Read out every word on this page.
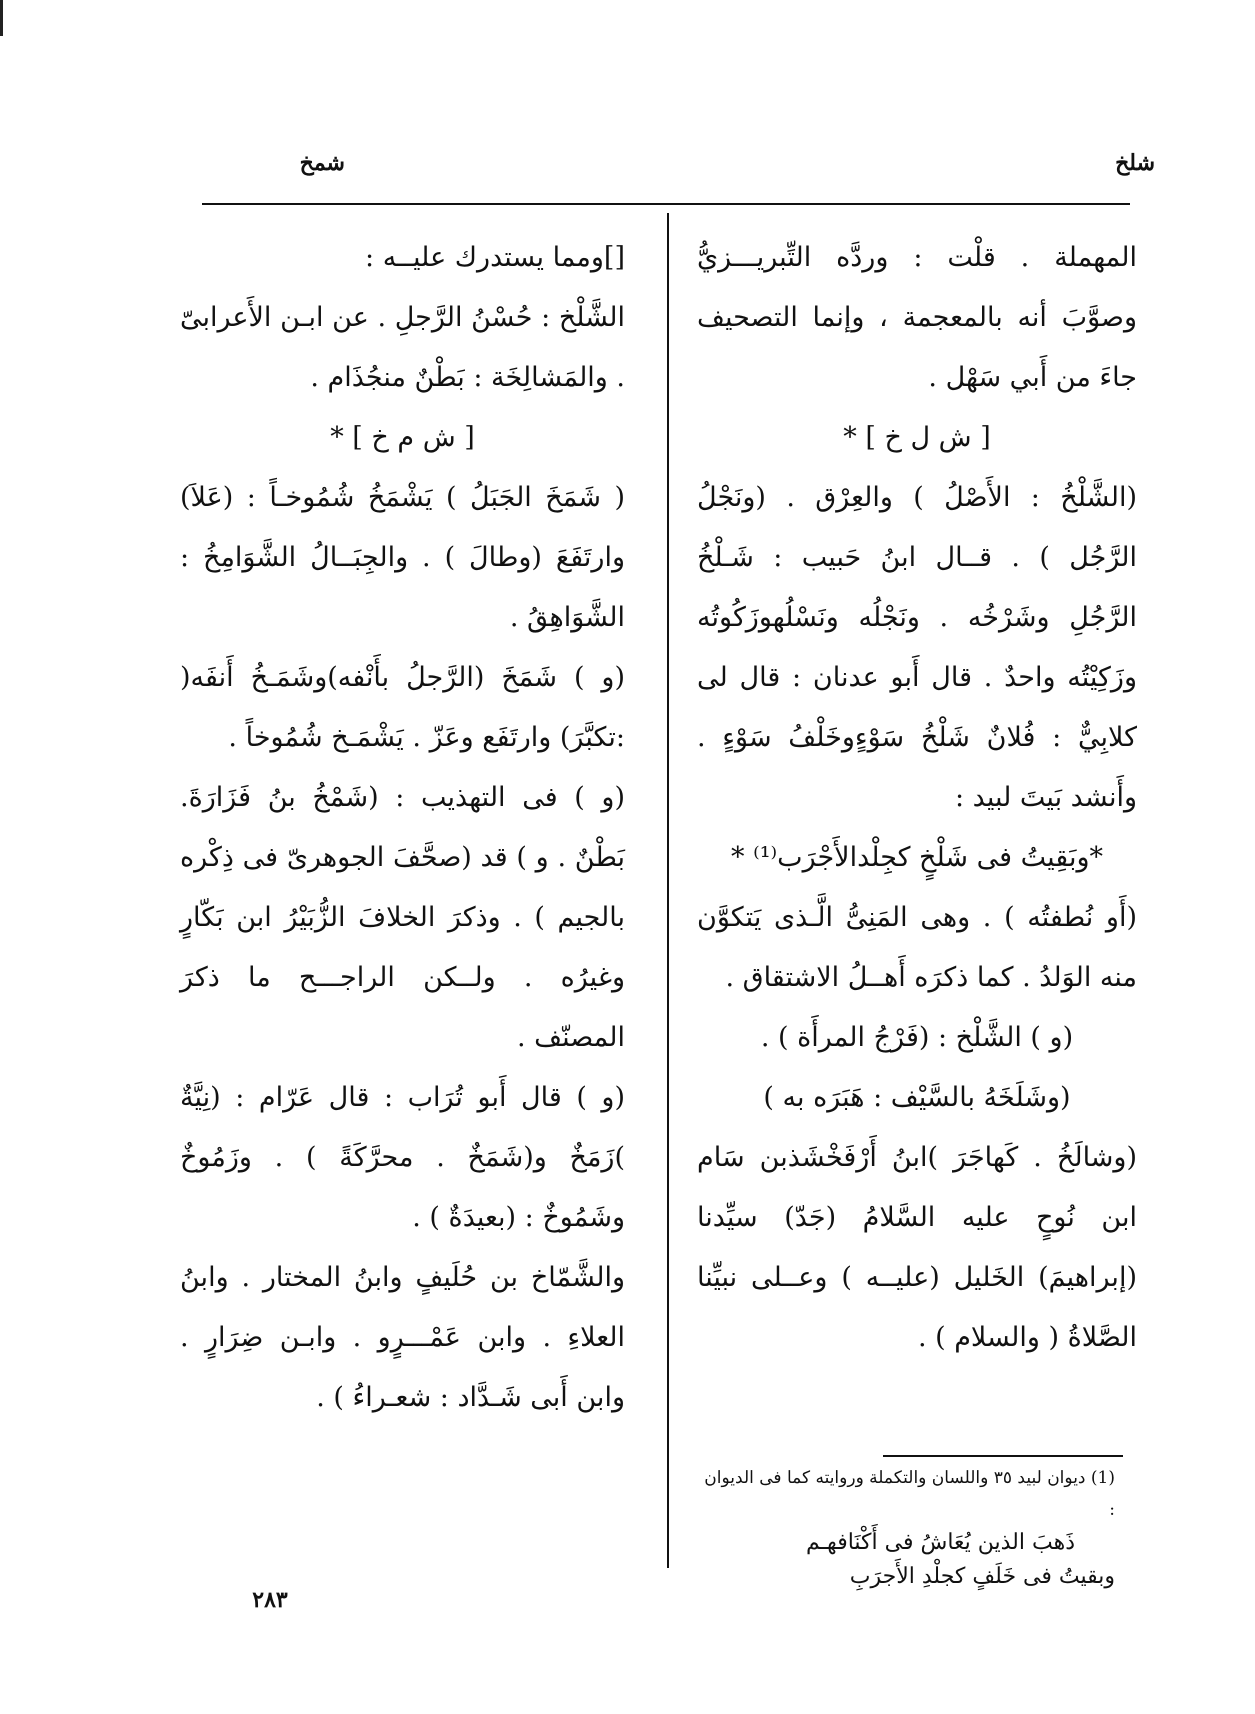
شلخ
شمخ

المهملة . قلْت : وردَّه التِّبريـــزيُّ وصوَّبَ أنه بالمعجمة ، وإنما التصحيف جاءَ من أَبي سَهْل .

[ ش ل خ ] *

(الشَّلْخُ : الأَصْلُ ) والعِرْق . (ونَجْلُ الرَّجُل ) . قــال ابنُ حَبيب : شَـلْخُ الرَّجُلِ وشَرْخُه . ونَجْلُه ونَسْلُهوزَكُوتُه وزَكِيْتُه واحدٌ . قال أَبو عدنان : قال لى كلابِيٌّ : فُلانٌ شَلْخُ سَوْءٍوخَلْفُ سَوْءٍ . وأَنشد بَيتَ لبيد :

*وبَقِيتُ فى شَلْخٍ كجِلْدالأَجْرَب⁽¹⁾ *

(أَو نُطفتُه ) . وهى المَنِىُّ الَّـذى يَتكوَّن منه الوَلدُ . كما ذكرَه أَهــلُ الاشتقاق .

(و ) الشَّلْخ : (فَرْجُ المرأَة ) .

(وشَلَخَهُ بالسَّيْف : هَبَرَه به )

(وشالَخُ . كَهاجَرَ )ابنُ أَرْفَخْشَذبن سَام ابن نُوحٍ عليه السَّلامُ (جَدّ) سيِّدنا (إبراهيمَ) الخَليل (عليــه ) وعــلى نبيِّنا الصَّلاةُ ( والسلام ) .

(1) ديوان لبيد ٣٥ واللسان والتكملة وروايته كما فى الديوان :
ذَهبَ الذين يُعَاشُ فى أَكْنَافهـم
وبقيتُ فى خَلَفٍ كجلْدِ الأَجرَبِ

[]ومما يستدرك عليــه :

الشَّلْخ : حُسْنُ الرَّجلِ . عن ابـن الأَعرابىّ . والمَشالِخَة : بَطْنٌ منجُذَام .

[ ش م خ ] *

( شَمَخَ الجَبَلُ ) يَشْمَخُ شُمُوخـاً : (عَلاَ) وارتَفَعَ (وطالَ ) . والجِبَــالُ الشَّوَامِخُ : الشَّوَاهِقُ .

(و ) شَمَخَ (الرَّجلُ بأَنْفه)وشَمَـخُ أَنفَه( :تكبَّرَ) وارتَفَع وعَزّ . يَشْمَـخ شُمُوخاً .

(و ) فى التهذيب : (شَمْخُ بنُ فَزَارَةَ. بَطْنٌ . و ) قد (صحَّفَ الجوهرىّ فى ذِكْره بالجيم ) . وذكرَ الخلافَ الزُّبَيْرُ ابن بَكّارٍ وغيرُه . ولــكن الراجـــح ما ذكرَ المصنّف .

(و ) قال أَبو تُرَاب : قال عَرّام : (نِيَّةٌ )زَمَخٌ و(شَمَخٌ . محرَّكَةً ) . وزَمُوخٌ وشَمُوخٌ : (بعيدَةٌ ) .

والشَّمّاخ بن حُلَيفٍ وابنُ المختار . وابنُ العلاءِ . وابن عَمْـــرٍو . وابـن ضِرَارٍ . وابن أَبى شَـدَّاد : شعـراءُ ) .

٢٨٣
